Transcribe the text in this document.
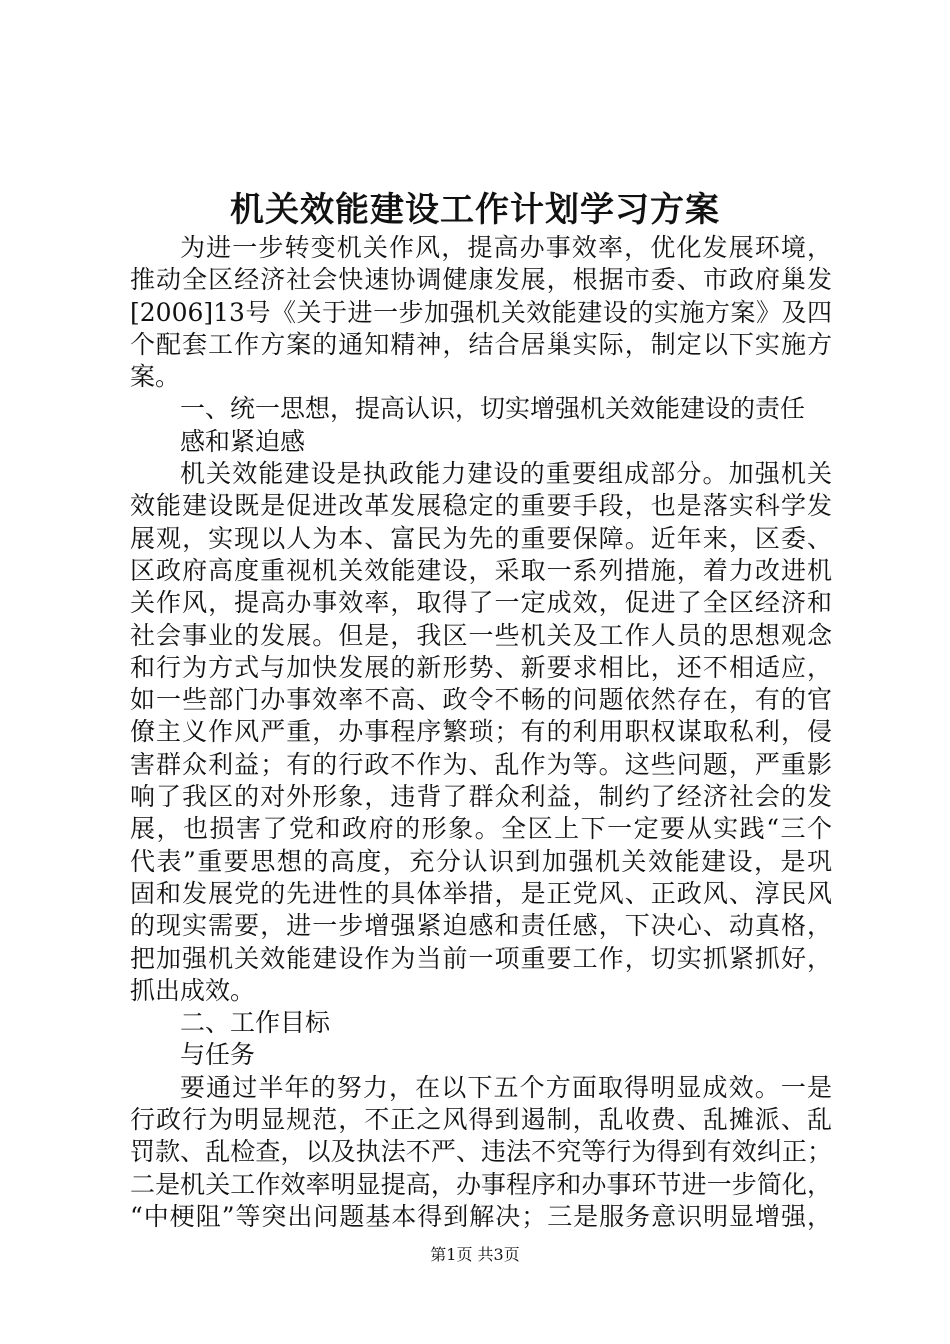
机关效能建设工作计划学习方案
为进一步转变机关作风，提高办事效率，优化发展环境，
推动全区经济社会快速协调健康发展，根据市委、市政府巢发
[2006]13号《关于进一步加强机关效能建设的实施方案》及四
个配套工作方案的通知精神，结合居巢实际，制定以下实施方
案。
一、统一思想，提高认识，切实增强机关效能建设的责任
感和紧迫感
机关效能建设是执政能力建设的重要组成部分。加强机关
效能建设既是促进改革发展稳定的重要手段，也是落实科学发
展观，实现以人为本、富民为先的重要保障。近年来，区委、
区政府高度重视机关效能建设，采取一系列措施，着力改进机
关作风，提高办事效率，取得了一定成效，促进了全区经济和
社会事业的发展。但是，我区一些机关及工作人员的思想观念
和行为方式与加快发展的新形势、新要求相比，还不相适应，
如一些部门办事效率不高、政令不畅的问题依然存在，有的官
僚主义作风严重，办事程序繁琐；有的利用职权谋取私利，侵
害群众利益；有的行政不作为、乱作为等。这些问题，严重影
响了我区的对外形象，违背了群众利益，制约了经济社会的发
展，也损害了党和政府的形象。全区上下一定要从实践“三个
代表”重要思想的高度，充分认识到加强机关效能建设，是巩
固和发展党的先进性的具体举措，是正党风、正政风、淳民风
的现实需要，进一步增强紧迫感和责任感，下决心、动真格，
把加强机关效能建设作为当前一项重要工作，切实抓紧抓好，
抓出成效。
二、工作目标
与任务
要通过半年的努力，在以下五个方面取得明显成效。一是
行政行为明显规范，不正之风得到遏制，乱收费、乱摊派、乱
罚款、乱检查，以及执法不严、违法不究等行为得到有效纠正；
二是机关工作效率明显提高，办事程序和办事环节进一步简化，
“中梗阻”等突出问题基本得到解决；三是服务意识明显增强，
第1页 共3页
